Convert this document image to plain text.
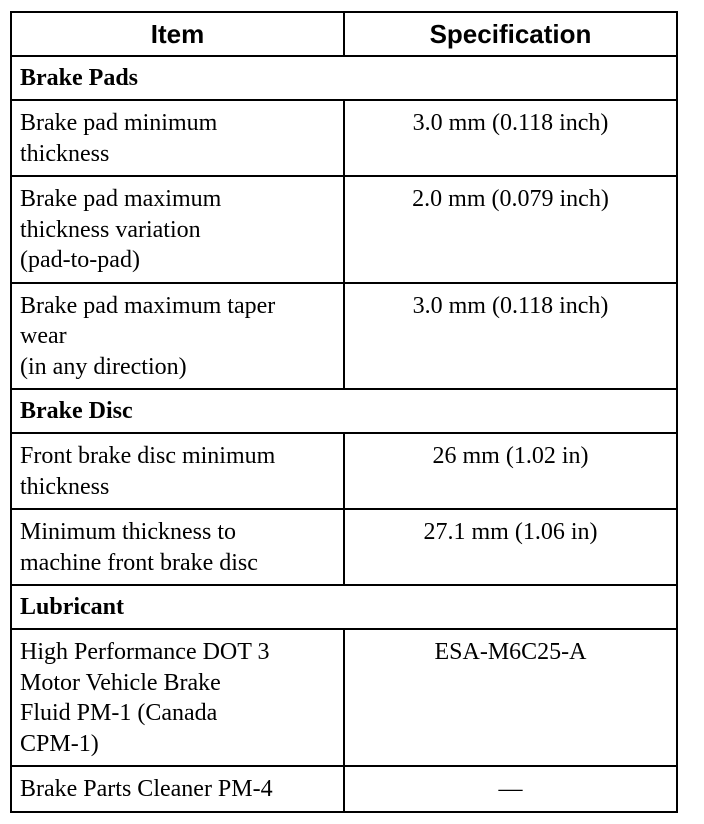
Item	Specification
Brake Pads	
Brake pad minimum
thickness	3.0 mm (0.118 inch)
Brake pad maximum
thickness variation
(pad-to-pad)	2.0 mm (0.079 inch)
Brake pad maximum taper
wear
(in any direction)	3.0 mm (0.118 inch)
Brake Disc	
Front brake disc minimum
thickness	26 mm (1.02 in)
Minimum thickness to
machine front brake disc	27.1 mm (1.06 in)
Lubricant	
High Performance DOT 3
Motor Vehicle Brake
Fluid PM-1 (Canada
CPM-1)	ESA-M6C25-A
Brake Parts Cleaner PM-4	—
